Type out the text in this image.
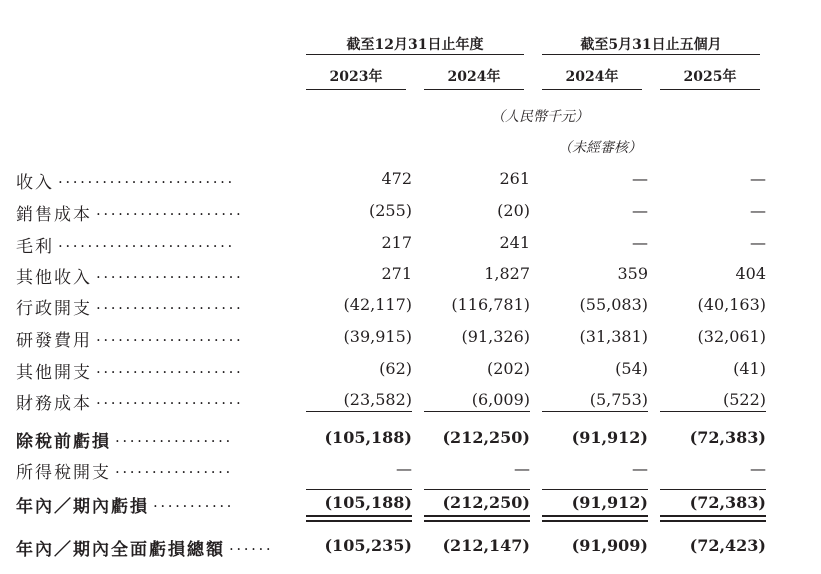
截至12月31日止年度	截至5月31日止五個月
2023年	2024年	2024年	2025年
（人民幣千元）
（未經審核）
收入 ........................	472	261	—	—
銷售成本 ....................	(255)	(20)	—	—
毛利 ........................	217	241	—	—
其他收入 ....................	271	1,827	359	404
行政開支 ....................	(42,117)	(116,781)	(55,083)	(40,163)
研發費用 ....................	(39,915)	(91,326)	(31,381)	(32,061)
其他開支 ....................	(62)	(202)	(54)	(41)
財務成本 ....................	(23,582)	(6,009)	(5,753)	(522)
除稅前虧損 ................	(105,188)	(212,250)	(91,912)	(72,383)
所得稅開支 ................	—	—	—	—
年內／期內虧損 ...........	(105,188)	(212,250)	(91,912)	(72,383)
年內／期內全面虧損總額 ......	(105,235)	(212,147)	(91,909)	(72,423)
